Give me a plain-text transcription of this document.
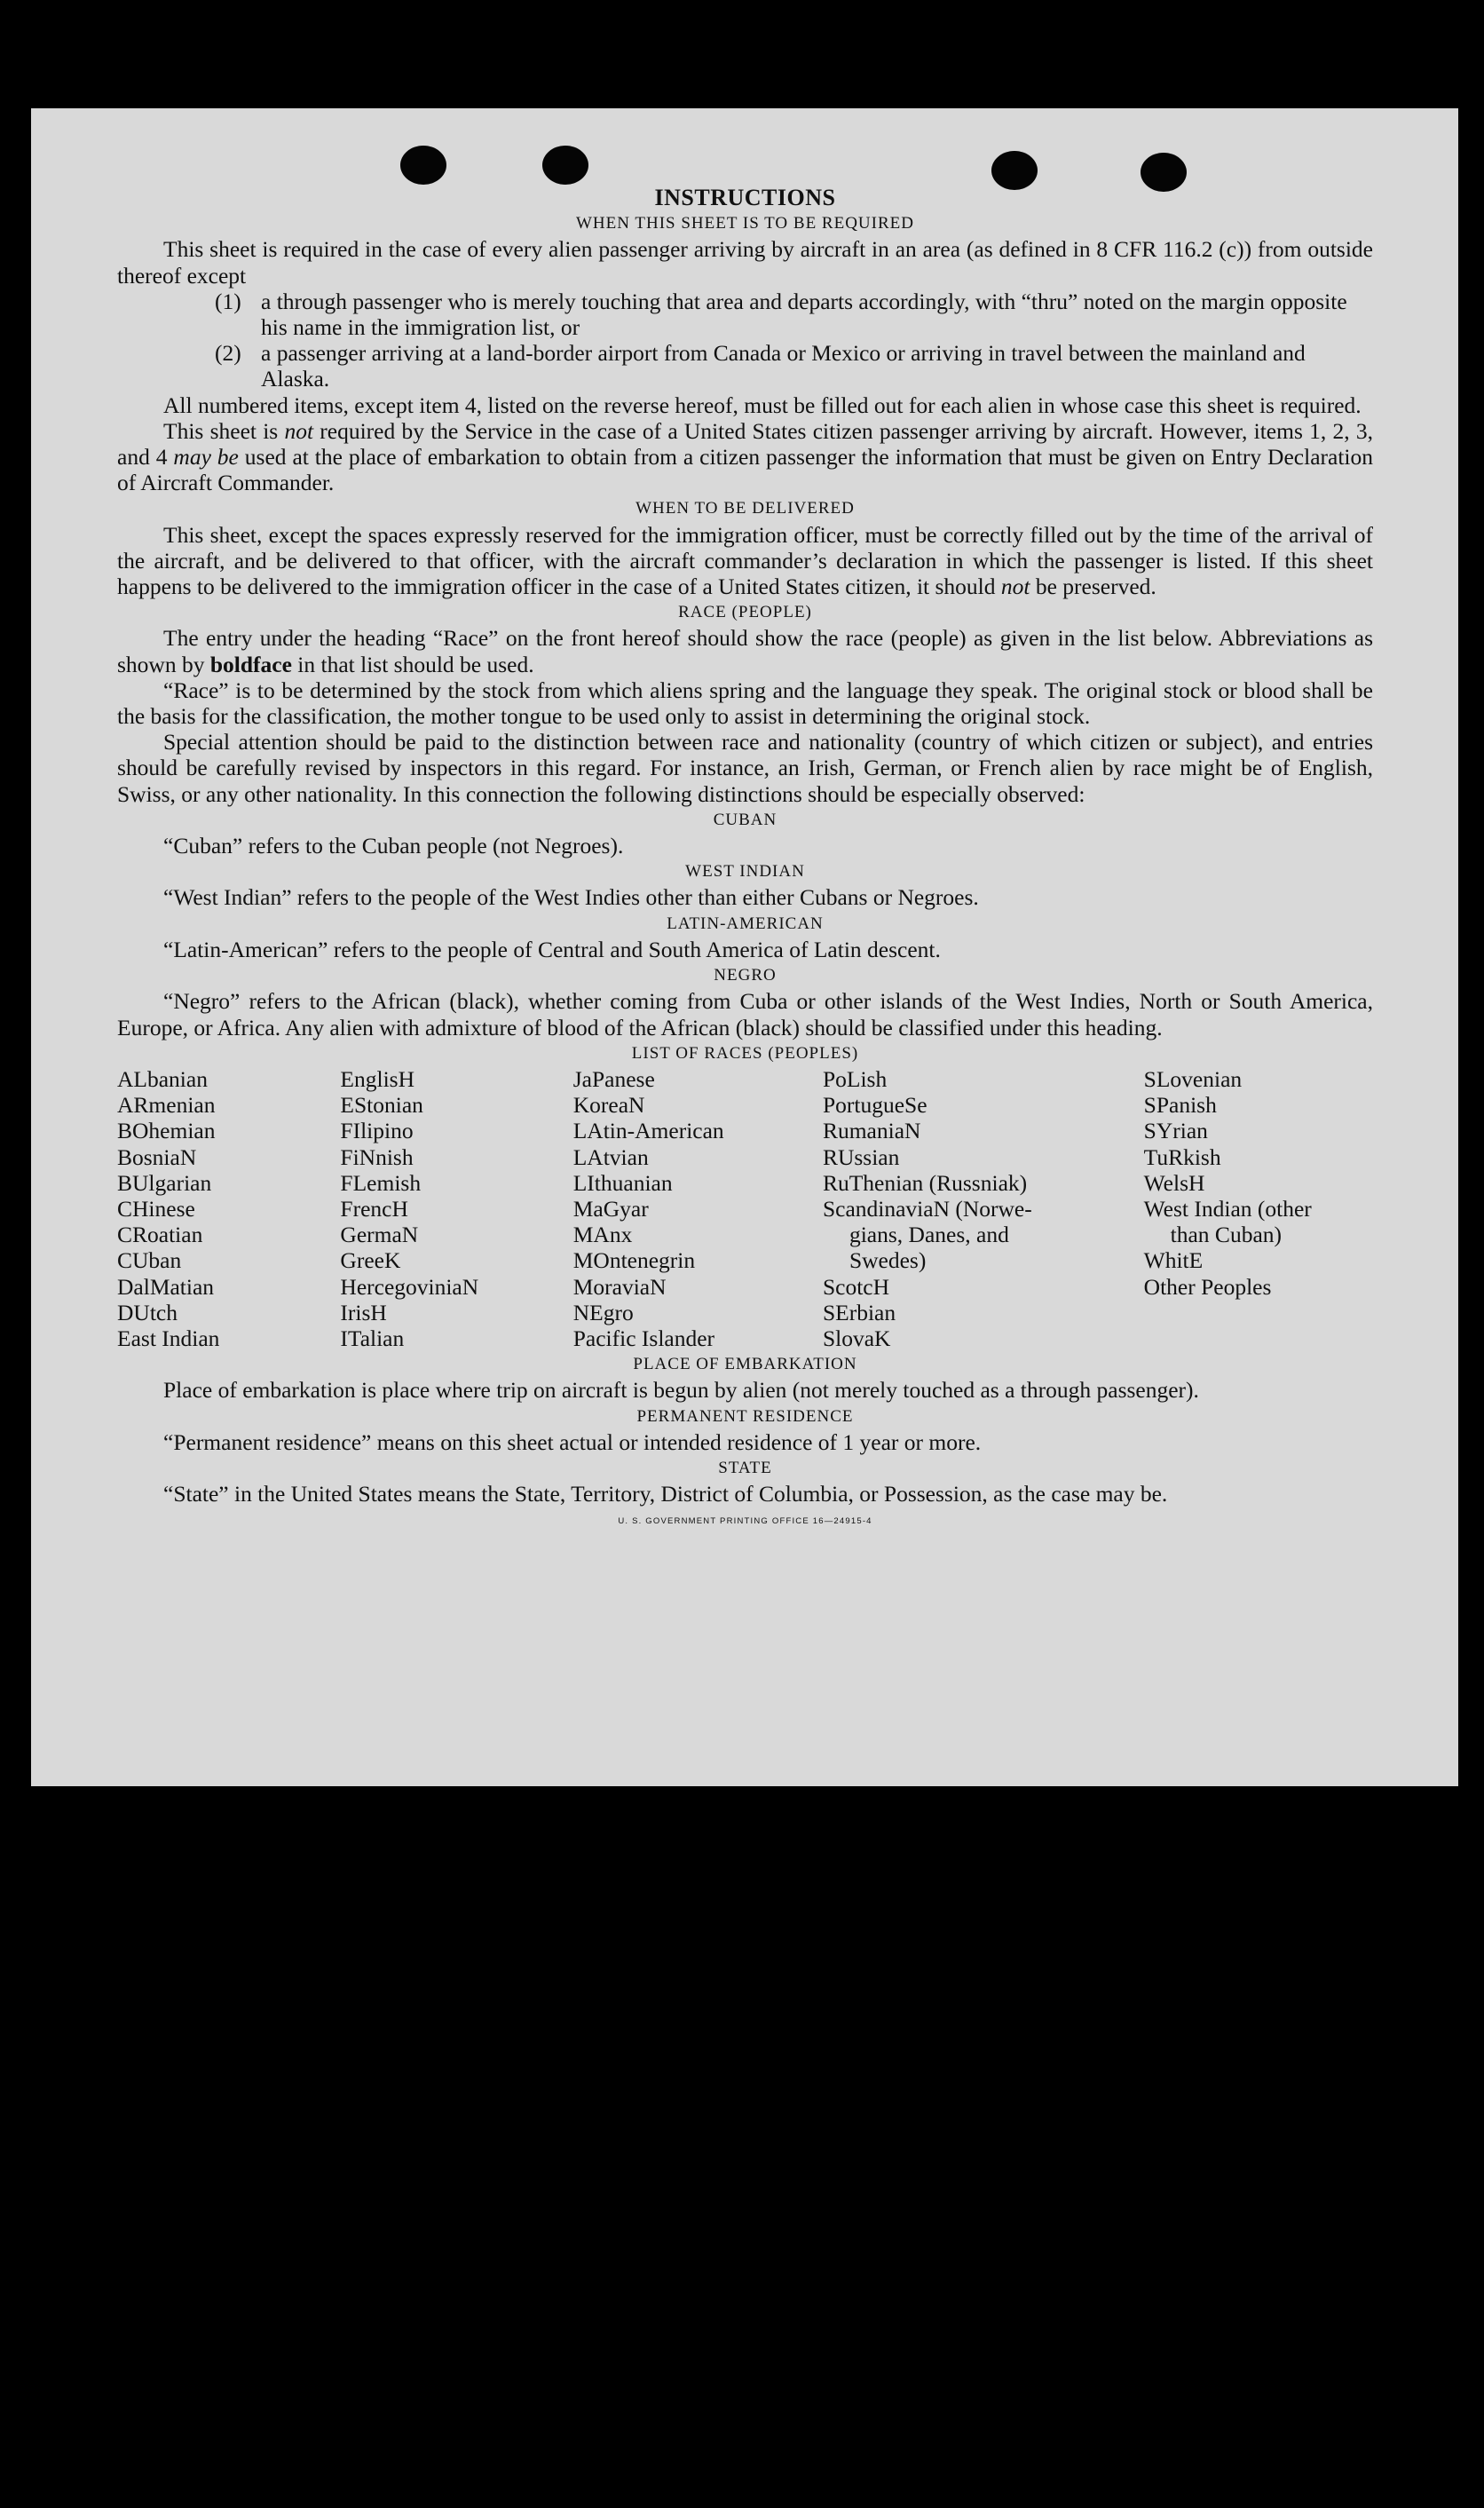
INSTRUCTIONS

WHEN THIS SHEET IS TO BE REQUIRED

This sheet is required in the case of every alien passenger arriving by aircraft in an area (as defined in 8 CFR 116.2 (c)) from outside thereof except

(1) a through passenger who is merely touching that area and departs accordingly, with “thru” noted on the margin opposite his name in the immigration list, or
(2) a passenger arriving at a land-border airport from Canada or Mexico or arriving in travel between the mainland and Alaska.

All numbered items, except item 4, listed on the reverse hereof, must be filled out for each alien in whose case this sheet is required.

This sheet is not required by the Service in the case of a United States citizen passenger arriving by aircraft. However, items 1, 2, 3, and 4 may be used at the place of embarkation to obtain from a citizen passenger the information that must be given on Entry Declaration of Aircraft Commander.

WHEN TO BE DELIVERED

This sheet, except the spaces expressly reserved for the immigration officer, must be correctly filled out by the time of the arrival of the aircraft, and be delivered to that officer, with the aircraft commander’s declaration in which the passenger is listed. If this sheet happens to be delivered to the immigration officer in the case of a United States citizen, it should not be preserved.

RACE (PEOPLE)

The entry under the heading “Race” on the front hereof should show the race (people) as given in the list below. Abbreviations as shown by boldface in that list should be used.

“Race” is to be determined by the stock from which aliens spring and the language they speak. The original stock or blood shall be the basis for the classification, the mother tongue to be used only to assist in determining the original stock.

Special attention should be paid to the distinction between race and nationality (country of which citizen or subject), and entries should be carefully revised by inspectors in this regard. For instance, an Irish, German, or French alien by race might be of English, Swiss, or any other nationality. In this connection the following distinctions should be especially observed:

CUBAN

“Cuban” refers to the Cuban people (not Negroes).

WEST INDIAN

“West Indian” refers to the people of the West Indies other than either Cubans or Negroes.

LATIN-AMERICAN

“Latin-American” refers to the people of Central and South America of Latin descent.

NEGRO

“Negro” refers to the African (black), whether coming from Cuba or other islands of the West Indies, North or South America, Europe, or Africa. Any alien with admixture of blood of the African (black) should be classified under this heading.

LIST OF RACES (PEOPLES)

ALbanian
ARmenian
BOhemian
BosniaN
BUlgarian
CHinese
CRoatian
CUban
DalMatian
DUtch
East Indian
EnglisH
EStonian
FIlipino
FiNnish
FLemish
FrencH
GermaN
GreeK
HercegoviniaN
IrisH
ITalian
JaPanese
KoreaN
LAtin-American
LAtvian
LIthuanian
MaGyar
MAnx
MOntenegrin
MoraviaN
NEgro
Pacific Islander
PoLish
PortugueSe
RumaniaN
RUssian
RuThenian (Russniak)
ScandinaviaN (Norwe-
gians, Danes, and
Swedes)
ScotcH
SErbian
SlovaK
SLovenian
SPanish
SYrian
TuRkish
WelsH
West Indian (other
than Cuban)
WhitE
Other Peoples

PLACE OF EMBARKATION

Place of embarkation is place where trip on aircraft is begun by alien (not merely touched as a through passenger).

PERMANENT RESIDENCE

“Permanent residence” means on this sheet actual or intended residence of 1 year or more.

STATE

“State” in the United States means the State, Territory, District of Columbia, or Possession, as the case may be.

U. S. GOVERNMENT PRINTING OFFICE 16—24915-4
